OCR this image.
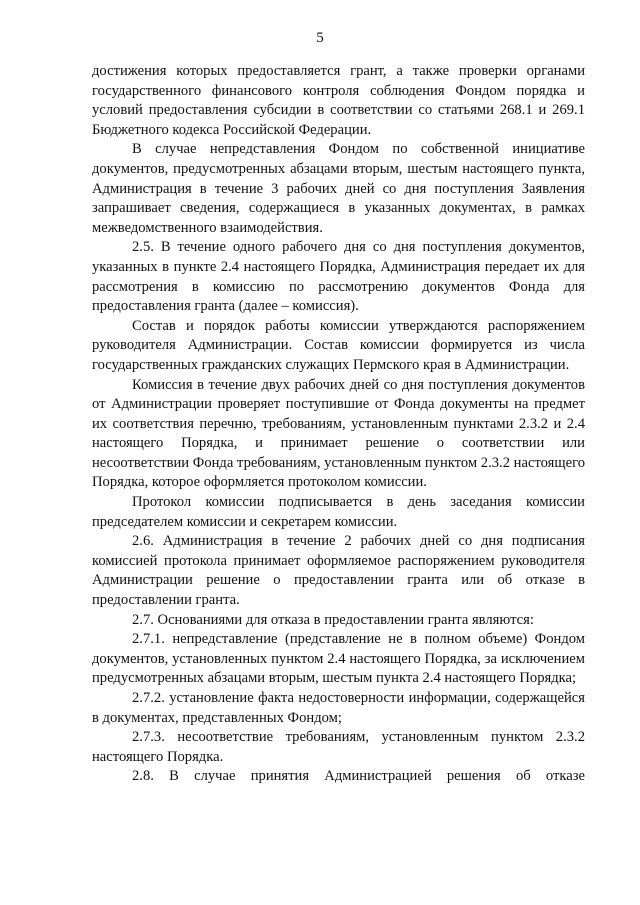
5

достижения которых предоставляется грант, а также проверки органами государственного финансового контроля соблюдения Фондом порядка и условий предоставления субсидии в соответствии со статьями 268.1 и 269.1 Бюджетного кодекса Российской Федерации.

В случае непредставления Фондом по собственной инициативе документов, предусмотренных абзацами вторым, шестым настоящего пункта, Администрация в течение 3 рабочих дней со дня поступления Заявления запрашивает сведения, содержащиеся в указанных документах, в рамках межведомственного взаимодействия.

2.5. В течение одного рабочего дня со дня поступления документов, указанных в пункте 2.4 настоящего Порядка, Администрация передает их для рассмотрения в комиссию по рассмотрению документов Фонда для предоставления гранта (далее – комиссия).

Состав и порядок работы комиссии утверждаются распоряжением руководителя Администрации. Состав комиссии формируется из числа государственных гражданских служащих Пермского края в Администрации.

Комиссия в течение двух рабочих дней со дня поступления документов от Администрации проверяет поступившие от Фонда документы на предмет их соответствия перечню, требованиям, установленным пунктами 2.3.2 и 2.4 настоящего Порядка, и принимает решение о соответствии или несоответствии Фонда требованиям, установленным пунктом 2.3.2 настоящего Порядка, которое оформляется протоколом комиссии.

Протокол комиссии подписывается в день заседания комиссии председателем комиссии и секретарем комиссии.

2.6. Администрация в течение 2 рабочих дней со дня подписания комиссией протокола принимает оформляемое распоряжением руководителя Администрации решение о предоставлении гранта или об отказе в предоставлении гранта.

2.7. Основаниями для отказа в предоставлении гранта являются:

2.7.1. непредставление (представление не в полном объеме) Фондом документов, установленных пунктом 2.4 настоящего Порядка, за исключением предусмотренных абзацами вторым, шестым пункта 2.4 настоящего Порядка;

2.7.2. установление факта недостоверности информации, содержащейся в документах, представленных Фондом;

2.7.3. несоответствие требованиям, установленным пунктом 2.3.2 настоящего Порядка.

2.8. В случае принятия Администрацией решения об отказе
